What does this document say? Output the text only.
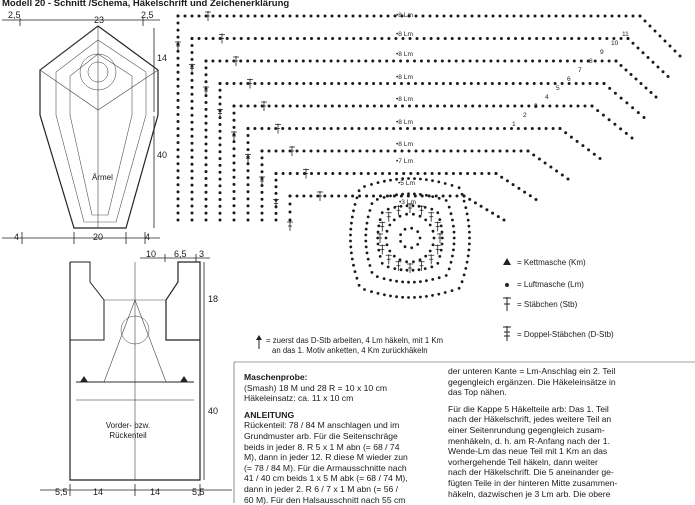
Modell 20 - Schnitt /Schema, Häkelschrift und Zeichenerklärung
2,5	23	2,5
14
40
Ärmel
4	20	4
10 6,5 3
18
40
Vorder- bzw.
Rückenteil
5,5	14	14	5,5
•8 Lm
•8 Lm
•8 Lm
•8 Lm
•8 Lm
•8 Lm
•8 Lm
•7 Lm
•5 Lm
•3 Lm
11
10
9
8
7
6
5
4
3
2
1
= Kettmasche (Km)
= Luftmasche (Lm)
= Stäbchen (Stb)
= Doppel-Stäbchen (D-Stb)
= zuerst das D-Stb arbeiten, 4 Lm häkeln, mit 1 Km
an das 1. Motiv anketten, 4 Km zurückhäkeln
Maschenprobe:
(Smash) 18 M und 28 R = 10 x 10 cm
Häkeleinsatz: ca. 11 x 10 cm
ANLEITUNG
Rückenteil: 78 / 84 M anschlagen und im
Grundmuster arb. Für die Seitenschräge
beids in jeder 8. R 5 x 1 M abn (= 68 / 74
M), dann in jeder 12. R diese M wieder zun
(= 78 / 84 M). Für die Armausschnitte nach
41 / 40 cm beids 1 x 5 M abk (= 68 / 74 M),
dann in jeder 2. R 6 / 7 x 1 M abn (= 56 /
60 M). Für den Halsausschnitt nach 55 cm
der unteren Kante = Lm-Anschlag ein 2. Teil
gegengleich ergänzen. Die Häkeleinsätze in
das Top nähen.
Für die Kappe 5 Häkelteile arb: Das 1. Teil
nach der Häkelschrift, jedes weitere Teil an
einer Seitenrundung gegengleich zusam-
menhäkeln, d. h. am R-Anfang nach der 1.
Wende-Lm das neue Teil mit 1 Km an das
vorhergehende Teil häkeln, dann weiter
nach der Häkelschrift. Die 5 aneinander ge-
fügten Teile in der hinteren Mitte zusammen-
häkeln, dazwischen je 3 Lm arb. Die obere
